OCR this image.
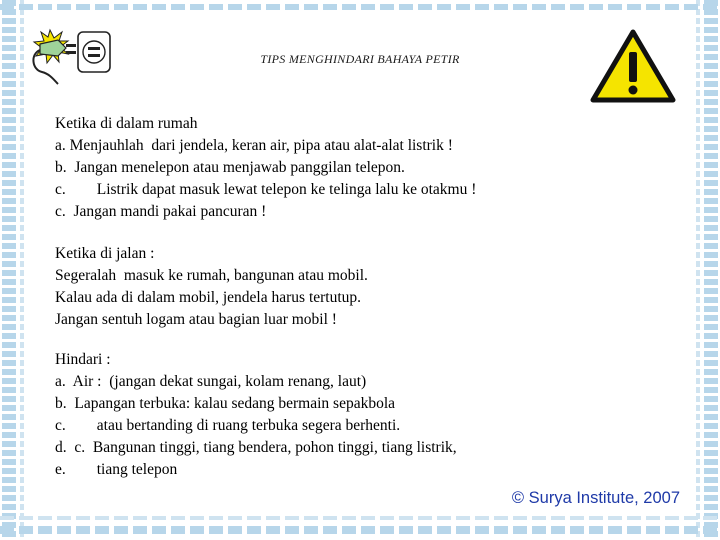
TIPS MENGHINDARI BAHAYA PETIR
Ketika di dalam rumah
a. Menjauhlah  dari jendela, keran air, pipa atau alat-alat listrik !
b.  Jangan menelepon atau menjawab panggilan telepon.
c.        Listrik dapat masuk lewat telepon ke telinga lalu ke otakmu !
c.  Jangan mandi pakai pancuran !
Ketika di jalan :
Segeralah  masuk ke rumah, bangunan atau mobil.
Kalau ada di dalam mobil, jendela harus tertutup.
Jangan sentuh logam atau bagian luar mobil !
Hindari :
a.  Air :  (jangan dekat sungai, kolam renang, laut)
b.  Lapangan terbuka: kalau sedang bermain sepakbola
c.        atau bertanding di ruang terbuka segera berhenti.
d.  c.  Bangunan tinggi, tiang bendera, pohon tinggi, tiang listrik,
e.        tiang telepon
© Surya Institute, 2007
